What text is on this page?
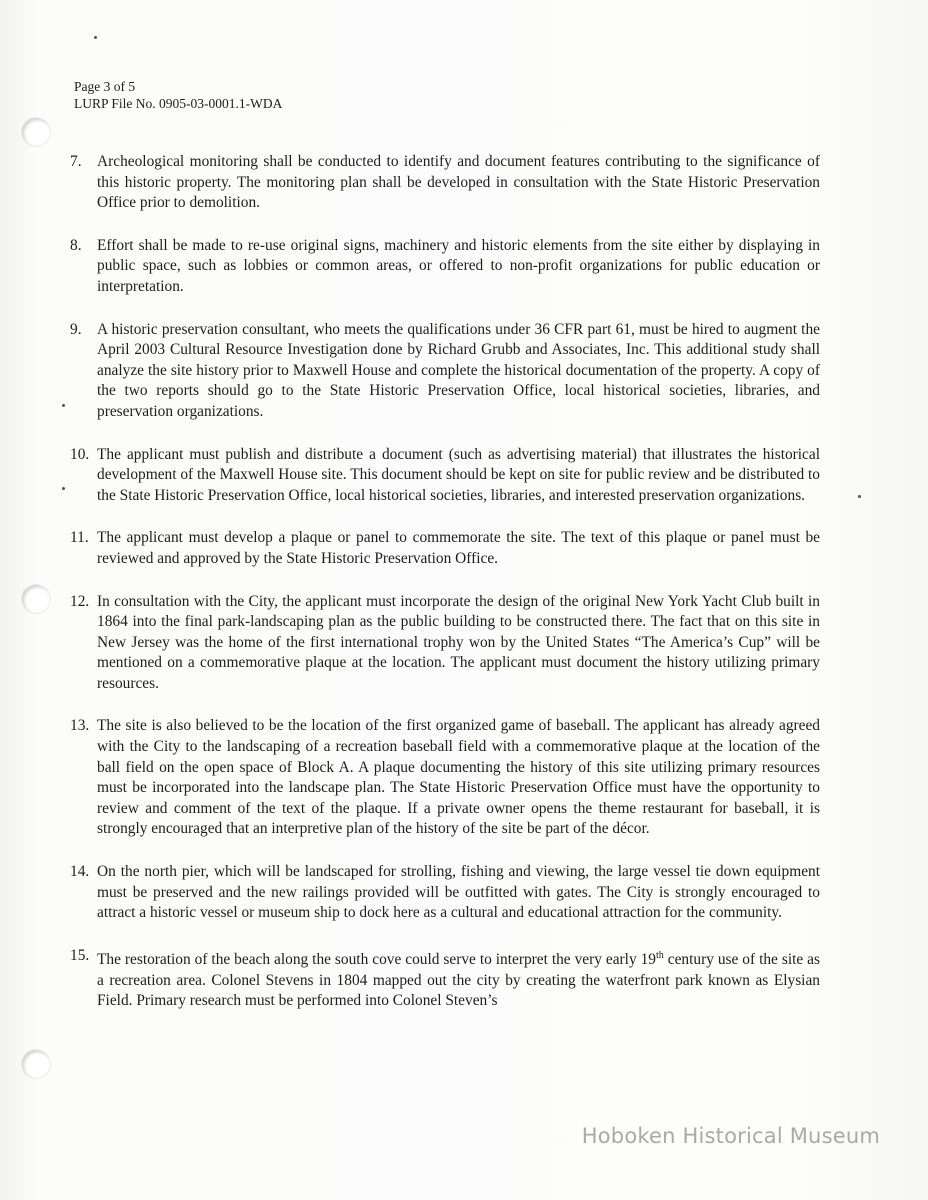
Page 3 of 5
LURP File No. 0905-03-0001.1-WDA
7.	Archeological monitoring shall be conducted to identify and document features contributing to the significance of this historic property. The monitoring plan shall be developed in consultation with the State Historic Preservation Office prior to demolition.
8.	Effort shall be made to re-use original signs, machinery and historic elements from the site either by displaying in public space, such as lobbies or common areas, or offered to non-profit organizations for public education or interpretation.
9.	A historic preservation consultant, who meets the qualifications under 36 CFR part 61, must be hired to augment the April 2003 Cultural Resource Investigation done by Richard Grubb and Associates, Inc. This additional study shall analyze the site history prior to Maxwell House and complete the historical documentation of the property. A copy of the two reports should go to the State Historic Preservation Office, local historical societies, libraries, and preservation organizations.
10. The applicant must publish and distribute a document (such as advertising material) that illustrates the historical development of the Maxwell House site. This document should be kept on site for public review and be distributed to the State Historic Preservation Office, local historical societies, libraries, and interested preservation organizations.
11. The applicant must develop a plaque or panel to commemorate the site. The text of this plaque or panel must be reviewed and approved by the State Historic Preservation Office.
12. In consultation with the City, the applicant must incorporate the design of the original New York Yacht Club built in 1864 into the final park-landscaping plan as the public building to be constructed there. The fact that on this site in New Jersey was the home of the first international trophy won by the United States “The America’s Cup” will be mentioned on a commemorative plaque at the location. The applicant must document the history utilizing primary resources.
13. The site is also believed to be the location of the first organized game of baseball. The applicant has already agreed with the City to the landscaping of a recreation baseball field with a commemorative plaque at the location of the ball field on the open space of Block A. A plaque documenting the history of this site utilizing primary resources must be incorporated into the landscape plan. The State Historic Preservation Office must have the opportunity to review and comment of the text of the plaque. If a private owner opens the theme restaurant for baseball, it is strongly encouraged that an interpretive plan of the history of the site be part of the décor.
14. On the north pier, which will be landscaped for strolling, fishing and viewing, the large vessel tie down equipment must be preserved and the new railings provided will be outfitted with gates. The City is strongly encouraged to attract a historic vessel or museum ship to dock here as a cultural and educational attraction for the community.
15. The restoration of the beach along the south cove could serve to interpret the very early 19th century use of the site as a recreation area. Colonel Stevens in 1804 mapped out the city by creating the waterfront park known as Elysian Field. Primary research must be performed into Colonel Steven’s
Hoboken Historical Museum
